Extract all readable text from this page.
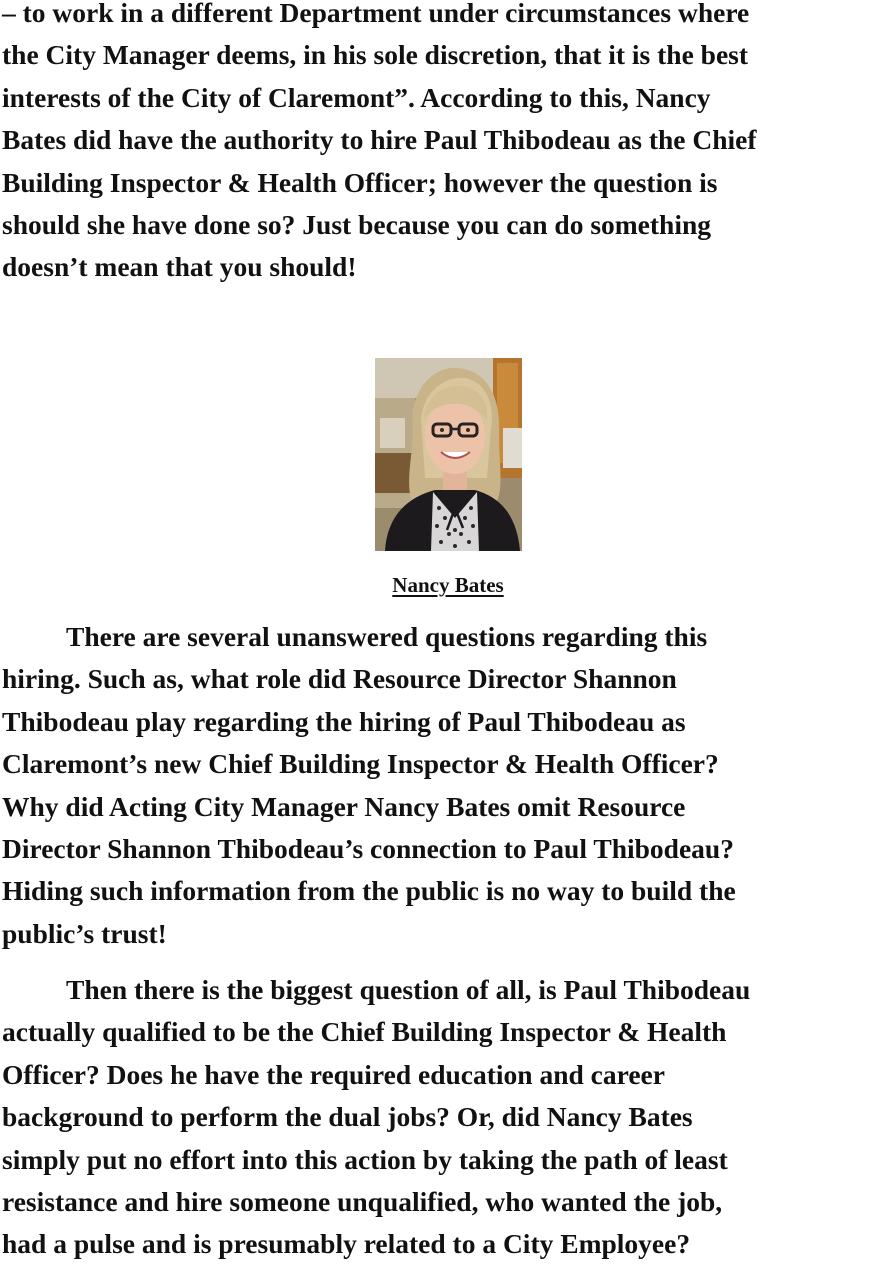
– to work in a different Department under circumstances where
the City Manager deems, in his sole discretion, that it is the best
interests of the City of Claremont”. According to this, Nancy
Bates did have the authority to hire Paul Thibodeau as the Chief
Building Inspector & Health Officer; however the question is
should she have done so? Just because you can do something
doesn’t mean that you should!

Nancy Bates

There are several unanswered questions regarding this
hiring. Such as, what role did Resource Director Shannon
Thibodeau play regarding the hiring of Paul Thibodeau as
Claremont’s new Chief Building Inspector & Health Officer?
Why did Acting City Manager Nancy Bates omit Resource
Director Shannon Thibodeau’s connection to Paul Thibodeau?
Hiding such information from the public is no way to build the
public’s trust!

Then there is the biggest question of all, is Paul Thibodeau
actually qualified to be the Chief Building Inspector & Health
Officer? Does he have the required education and career
background to perform the dual jobs? Or, did Nancy Bates
simply put no effort into this action by taking the path of least
resistance and hire someone unqualified, who wanted the job,
had a pulse and is presumably related to a City Employee?
